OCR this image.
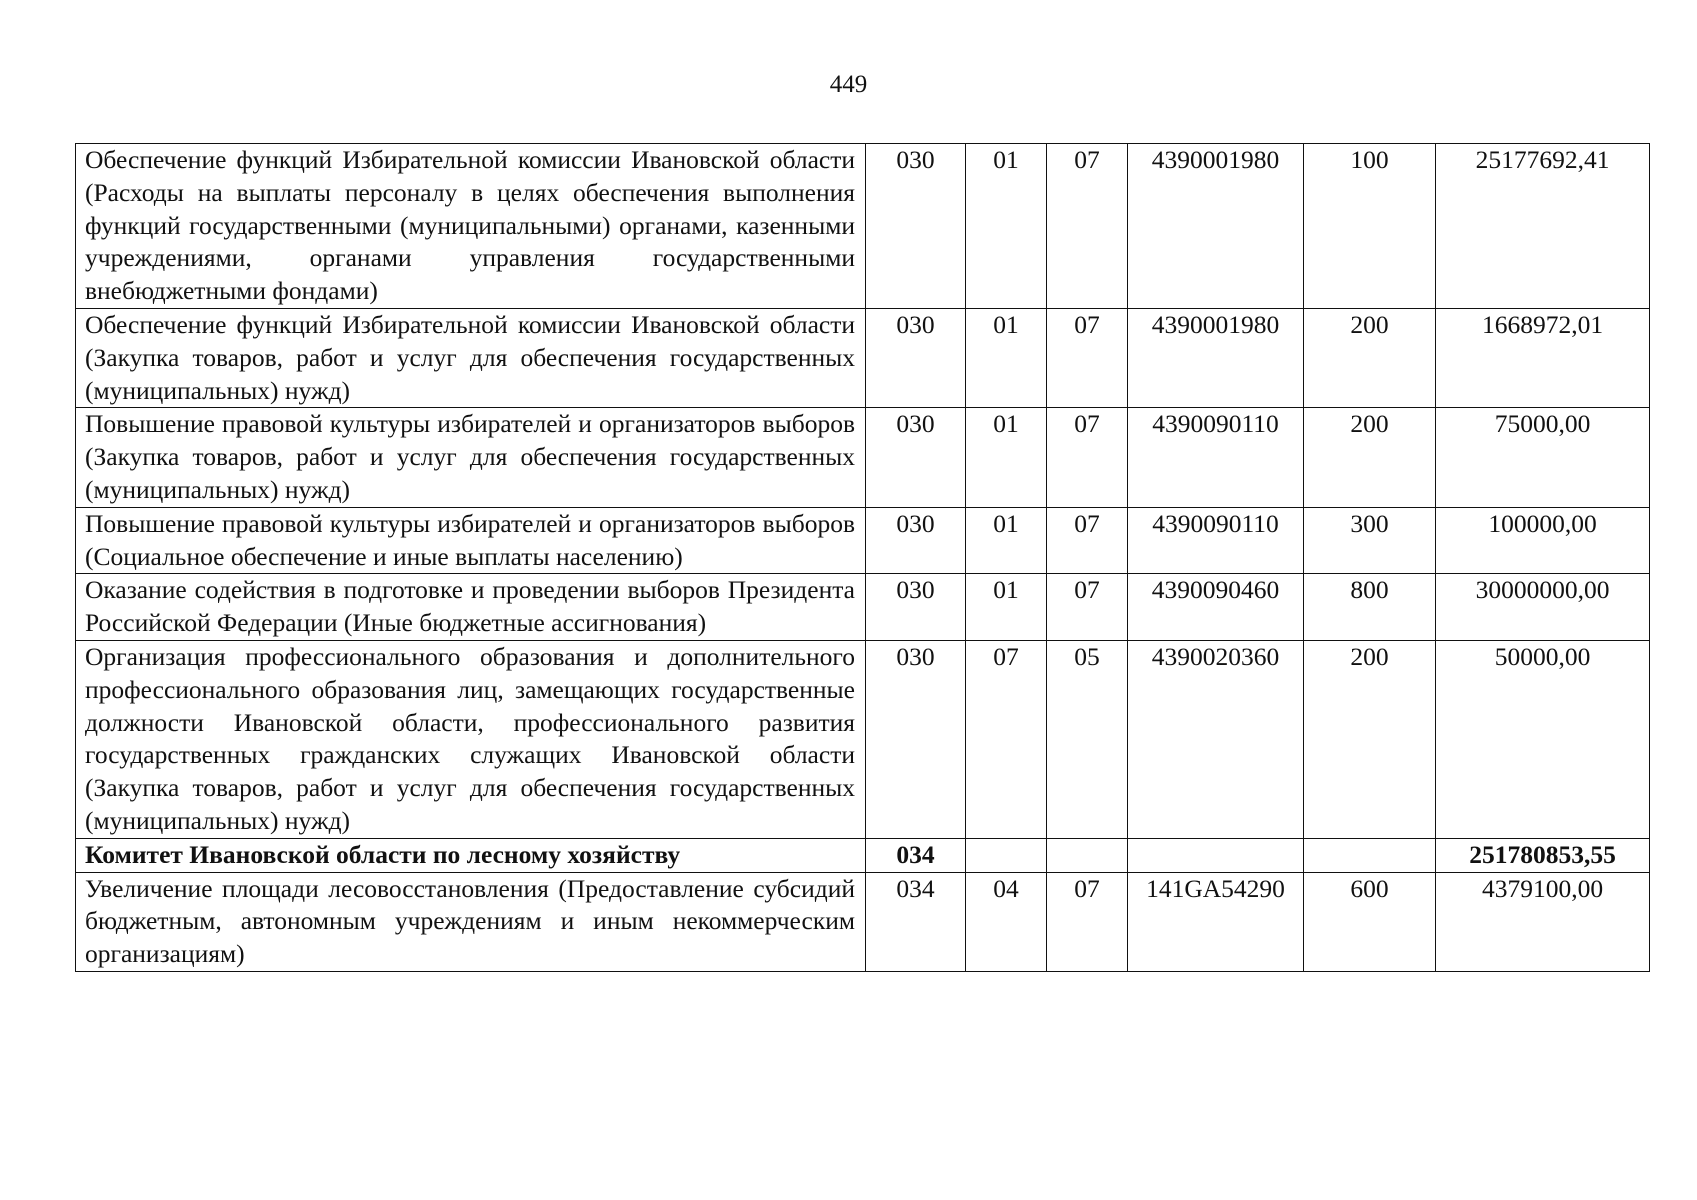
449
Обеспечение функций Избирательной комиссии Ивановской области (Расходы на выплаты персоналу в целях обеспечения выполнения функций государственными (муниципальными) органами, казенными учреждениями, органами управления государственными внебюджетными фондами)	030	01	07	4390001980	100	25177692,41
Обеспечение функций Избирательной комиссии Ивановской области (Закупка товаров, работ и услуг для обеспечения государственных (муниципальных) нужд)	030	01	07	4390001980	200	1668972,01
Повышение правовой культуры избирателей и организаторов выборов (Закупка товаров, работ и услуг для обеспечения государственных (муниципальных) нужд)	030	01	07	4390090110	200	75000,00
Повышение правовой культуры избирателей и организаторов выборов (Социальное обеспечение и иные выплаты населению)	030	01	07	4390090110	300	100000,00
Оказание содействия в подготовке и проведении выборов Президента Российской Федерации (Иные бюджетные ассигнования)	030	01	07	4390090460	800	30000000,00
Организация профессионального образования и дополнительного профессионального образования лиц, замещающих государственные должности Ивановской области, профессионального развития государственных гражданских служащих Ивановской области (Закупка товаров, работ и услуг для обеспечения государственных (муниципальных) нужд)	030	07	05	4390020360	200	50000,00
Комитет Ивановской области по лесному хозяйству	034					251780853,55
Увеличение площади лесовосстановления (Предоставление субсидий бюджетным, автономным учреждениям и иным некоммерческим организациям)	034	04	07	141GA54290	600	4379100,00
